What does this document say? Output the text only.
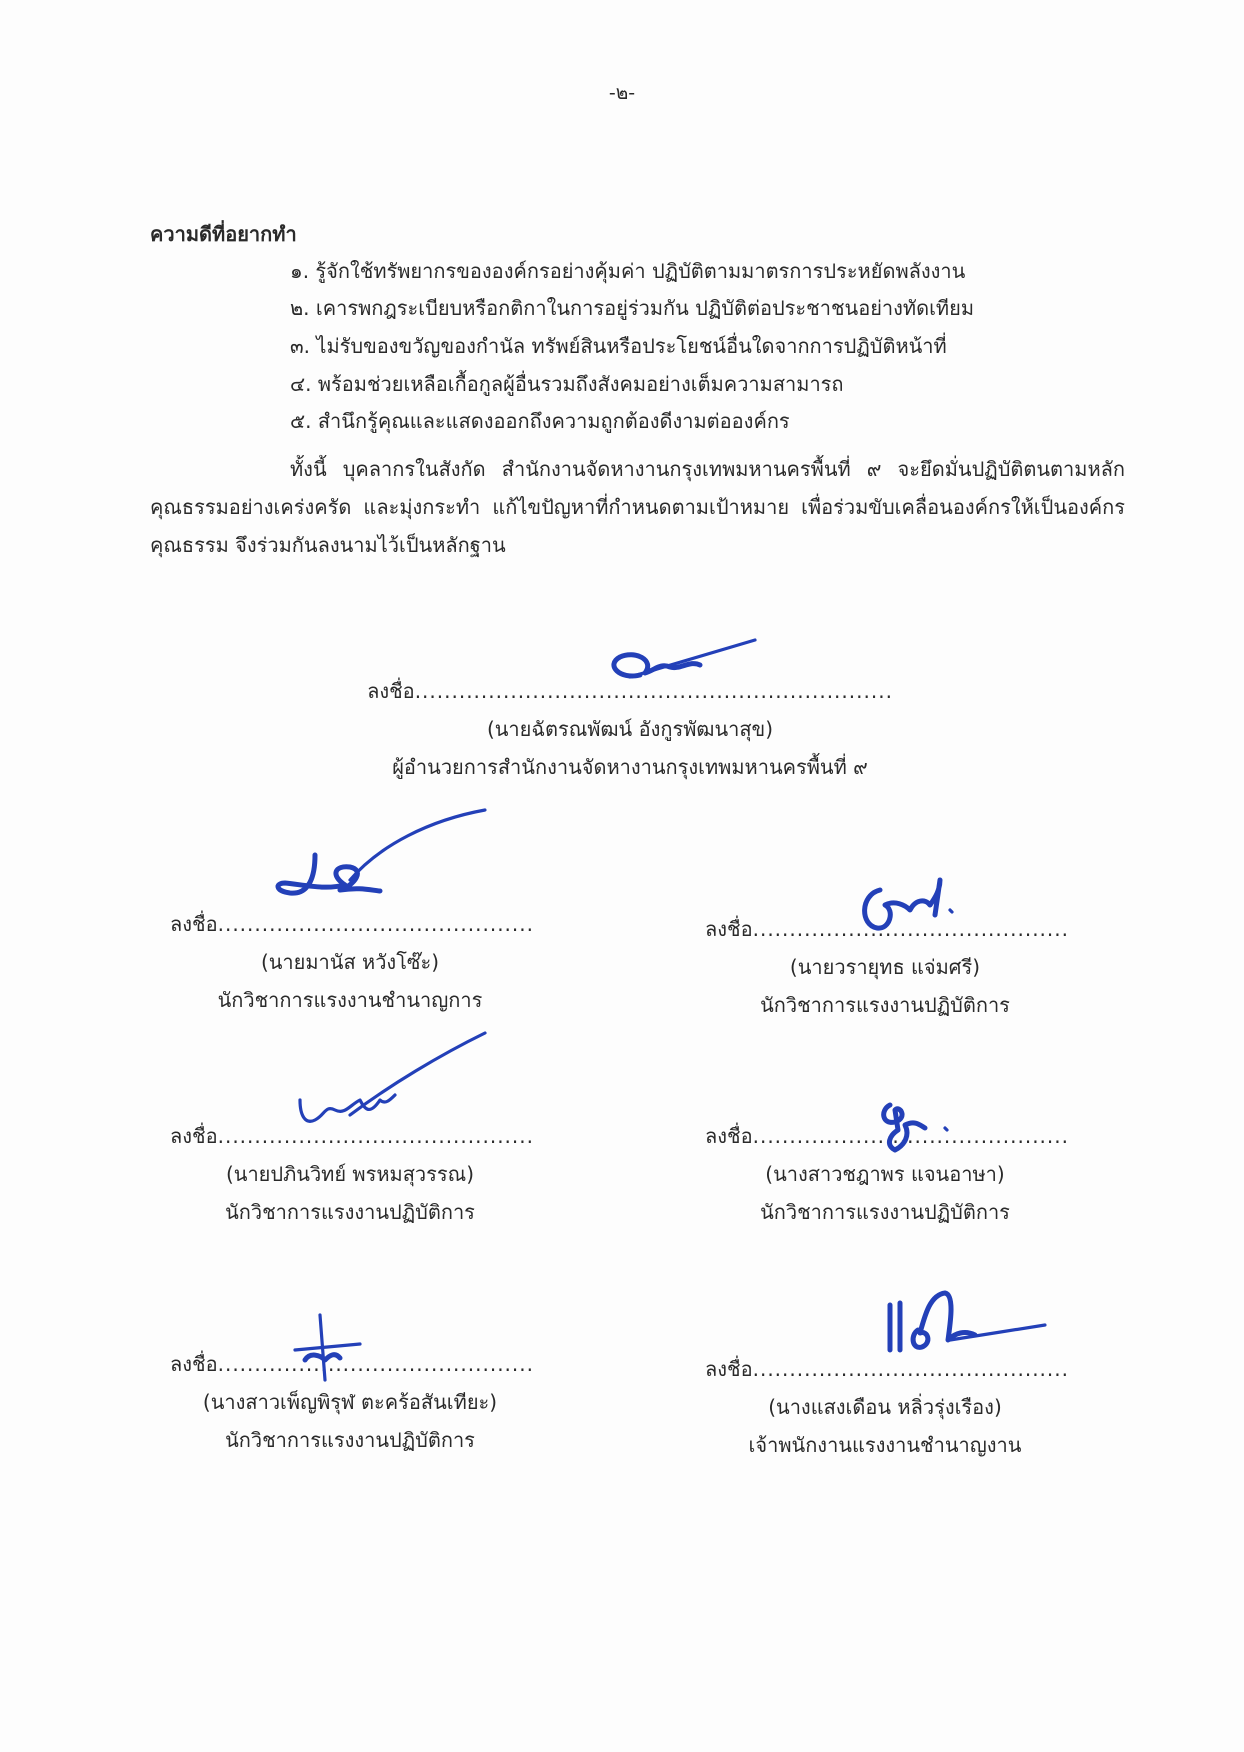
-๒-
ความดีที่อยากทำ
๑. รู้จักใช้ทรัพยากรขององค์กรอย่างคุ้มค่า ปฏิบัติตามมาตรการประหยัดพลังงาน
๒. เคารพกฎระเบียบหรือกติกาในการอยู่ร่วมกัน ปฏิบัติต่อประชาชนอย่างทัดเทียม
๓. ไม่รับของขวัญของกำนัล ทรัพย์สินหรือประโยชน์อื่นใดจากการปฏิบัติหน้าที่
๔. พร้อมช่วยเหลือเกื้อกูลผู้อื่นรวมถึงสังคมอย่างเต็มความสามารถ
๕. สำนึกรู้คุณและแสดงออกถึงความถูกต้องดีงามต่อองค์กร
ทั้งนี้ บุคลากรในสังกัด สำนักงานจัดหางานกรุงเทพมหานครพื้นที่ ๙ จะยึดมั่นปฏิบัติตนตามหลักคุณธรรมอย่างเคร่งครัด และมุ่งกระทำ แก้ไขปัญหาที่กำหนดตามเป้าหมาย เพื่อร่วมขับเคลื่อนองค์กรให้เป็นองค์กรคุณธรรม จึงร่วมกันลงนามไว้เป็นหลักฐาน
ลงชื่อ.................................................................
(นายฉัตรณพัฒน์ อังกูรพัฒนาสุข)
ผู้อำนวยการสำนักงานจัดหางานกรุงเทพมหานครพื้นที่ ๙
ลงชื่อ...........................................
(นายมานัส หวังโซ๊ะ)
นักวิชาการแรงงานชำนาญการ
ลงชื่อ...........................................
(นายวรายุทธ แจ่มศรี)
นักวิชาการแรงงานปฏิบัติการ
ลงชื่อ...........................................
(นายปภินวิทย์ พรหมสุวรรณ)
นักวิชาการแรงงานปฏิบัติการ
ลงชื่อ...........................................
(นางสาวชฎาพร แจนอาษา)
นักวิชาการแรงงานปฏิบัติการ
ลงชื่อ...........................................
(นางสาวเพ็ญพิรุฬ ตะคร้อสันเทียะ)
นักวิชาการแรงงานปฏิบัติการ
ลงชื่อ...........................................
(นางแสงเดือน หลิ่วรุ่งเรือง)
เจ้าพนักงานแรงงานชำนาญงาน
